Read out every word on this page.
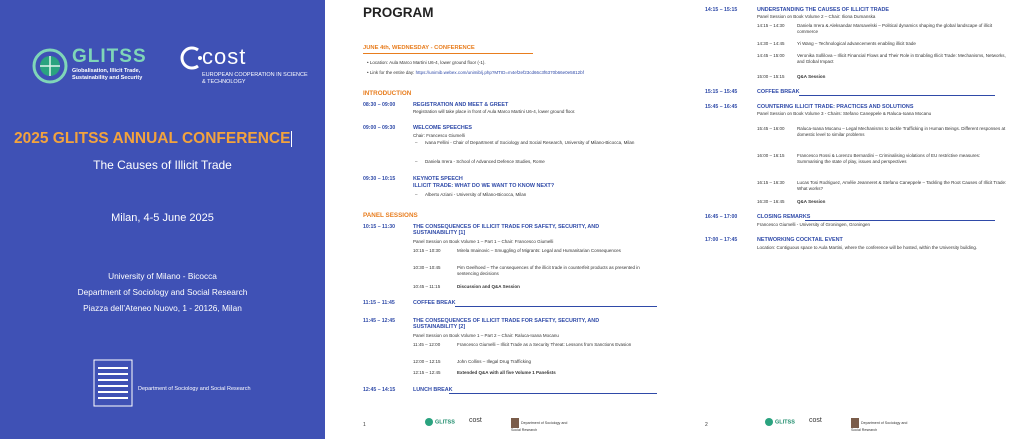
GLITSS
Globalisation, Illicit Trade, Sustainability and Security
cost
EUROPEAN COOPERATION IN SCIENCE & TECHNOLOGY
2025 GLITSS ANNUAL CONFERENCE
The Causes of Illicit Trade
Milan, 4-5 June 2025
University of Milano - Bicocca
Department of Sociology and Social Research
Piazza dell’Ateneo Nuovo, 1 - 20126, Milan
Department of Sociology and Social Research
PROGRAM
JUNE 4th, WEDNESDAY - CONFERENCE
• Location: Aula Marco Martini U6-4, lower ground floor (-1).
• Link for the entire day: https://unimib.webex.com/unimib/j.php?MTID=m4ef2ef23cd66c3f6370b66e0e5812bf
INTRODUCTION
08:30 – 09:00	REGISTRATION AND MEET & GREET
Registration will take place in front of Aula Marco Martini U6-4, lower ground floor.
09:00 – 09:30	WELCOME SPEECHES
Chair: Francesco Giumelli
– Ivana Fellini - Chair of Department of Sociology and Social Research, University of Milano-Bicocca, Milan
– Daniela Irrera - School of Advanced Defence Studies, Rome
09:30 – 10:15	KEYNOTE SPEECH
ILLICIT TRADE: WHAT DO WE WANT TO KNOW NEXT?
– Alberto Aziani - University of Milano-Bicocca, Milan
PANEL SESSIONS
10:15 – 11:30	THE CONSEQUENCES OF ILLICIT TRADE FOR SAFETY, SECURITY, AND SUSTAINABILITY [1]
Panel Session on Book Volume 1 – Part 1 – Chair: Francesco Giumelli
10:15 – 10:30	Mirela Imainovic – Smuggling of Migrants: Legal and Humanitarian Consequences
10:30 – 10:45	Pim Geelhoed – The consequences of the illicit trade in counterfeit products as presented in sentencing decisions
10:45 – 11:15	Discussion and Q&A Session
11:15 – 11:45	COFFEE BREAK
11:45 – 12:45	THE CONSEQUENCES OF ILLICIT TRADE FOR SAFETY, SECURITY, AND SUSTAINABILITY [2]
Panel Session on Book Volume 1 – Part 2 – Chair: Raluca-Ioana Mocanu
11:45 – 12:00	Francesco Giumelli – Illicit Trade as a Security Threat: Lessons from Sanctions Evasion
12:00 – 12:15	John Collins – Illegal Drug Trafficking
12:15 – 12:45	Extended Q&A with all five Volume 1 Panelists
12:45 – 14:15	LUNCH BREAK
1	GLITSS cost	Department of Sociology and Social Research
14:15 – 15:15	UNDERSTANDING THE CAUSES OF ILLICIT TRADE
Panel Session on Book Volume 2 – Chair: Iliona Dumanska
14:15 – 14:30	Daniela Irrera & Aleksandar Marsavelski – Political dynamics shaping the global landscape of illicit commerce
14:30 – 14:45	Yi Wang – Technological advancements enabling illicit trade
14:45 – 15:00	Veronika Sollilova – Illicit Financial Flows and Their Role in Enabling Illicit Trade: Mechanisms, Networks, and Global Impact
15:00 – 15:15	Q&A Session
15:15 – 15:45	COFFEE BREAK
15:45 – 16:45	COUNTERING ILLICIT TRADE: PRACTICES AND SOLUTIONS
Panel Session on Book Volume 3 - Chairs: Stefano Caneppele & Raluca-Ioana Mocanu
15:45 – 16:00	Raluca-Ioana Mocanu – Legal Mechanisms to tackle Trafficking in Human Beings. Different responses at domestic level to similar problems
16:00 – 16:15	Francesco Rossi & Lorenzo Bernardini – Criminalising violations of EU restrictive measures: Summarising the state of play, issues and perspectives
16:15 – 16:30	Lucas Tosi Rodriguez, Amélie Jeanneret & Stefano Caneppele – Tackling the Root Causes of Illicit Trade: What works?
16:30 – 16:45	Q&A Session
16:45 – 17:00	CLOSING REMARKS
Francesco Giumelli - University of Groningen, Groningen
17:00 – 17:45	NETWORKING COCKTAIL EVENT
Location: Contiguous space to Aula Martini, where the conference will be hosted, within the University building.
2	GLITSS cost	Department of Sociology and Social Research
